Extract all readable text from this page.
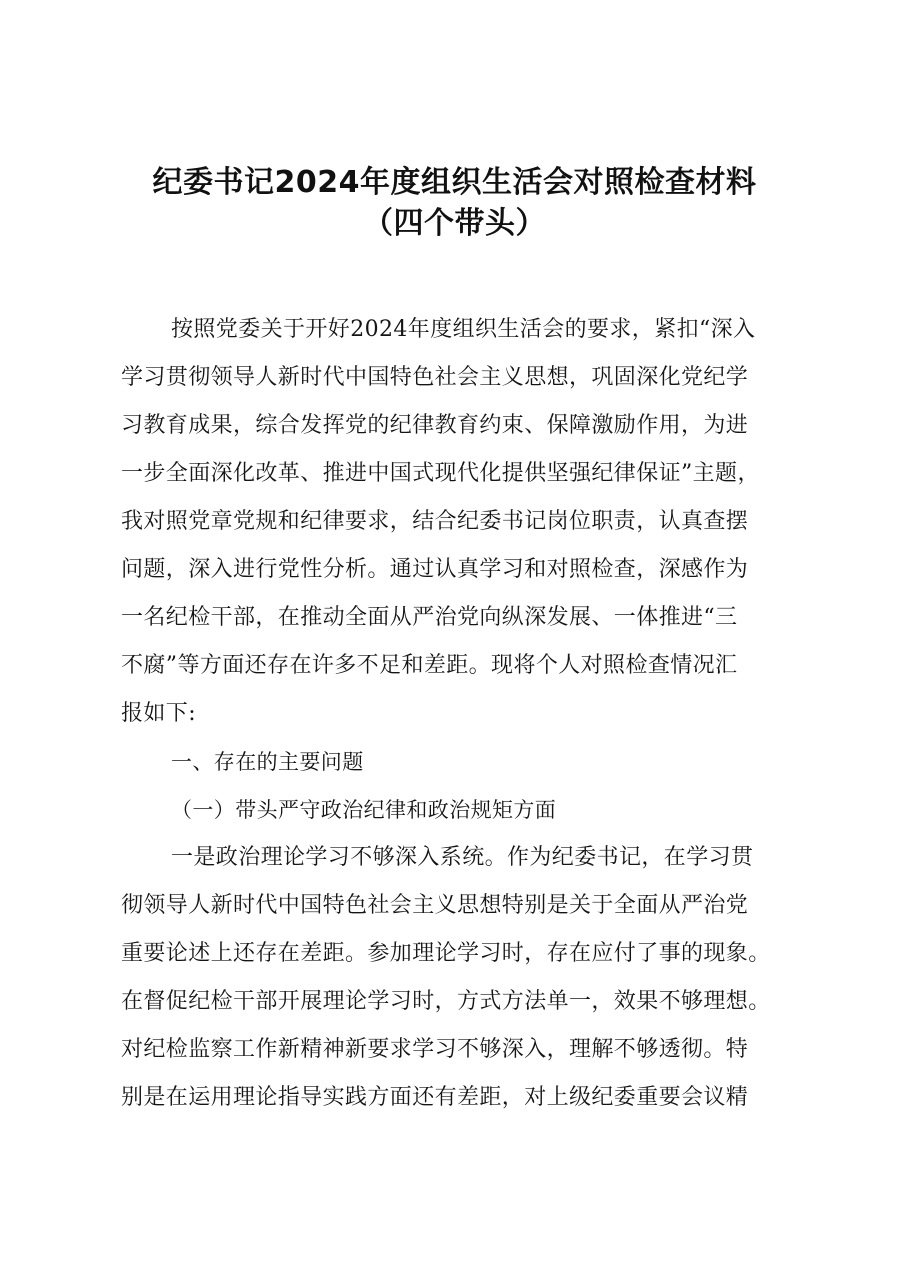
纪委书记2024年度组织生活会对照检查材料
（四个带头）
按照党委关于开好2024年度组织生活会的要求，紧扣“深入
学习贯彻领导人新时代中国特色社会主义思想，巩固深化党纪学
习教育成果，综合发挥党的纪律教育约束、保障激励作用，为进
一步全面深化改革、推进中国式现代化提供坚强纪律保证”主题，
我对照党章党规和纪律要求，结合纪委书记岗位职责，认真查摆
问题，深入进行党性分析。通过认真学习和对照检查，深感作为
一名纪检干部，在推动全面从严治党向纵深发展、一体推进“三
不腐”等方面还存在许多不足和差距。现将个人对照检查情况汇
报如下:
一、存在的主要问题
（一）带头严守政治纪律和政治规矩方面
一是政治理论学习不够深入系统。作为纪委书记，在学习贯
彻领导人新时代中国特色社会主义思想特别是关于全面从严治党
重要论述上还存在差距。参加理论学习时，存在应付了事的现象。
在督促纪检干部开展理论学习时，方式方法单一，效果不够理想。
对纪检监察工作新精神新要求学习不够深入，理解不够透彻。特
别是在运用理论指导实践方面还有差距，对上级纪委重要会议精
